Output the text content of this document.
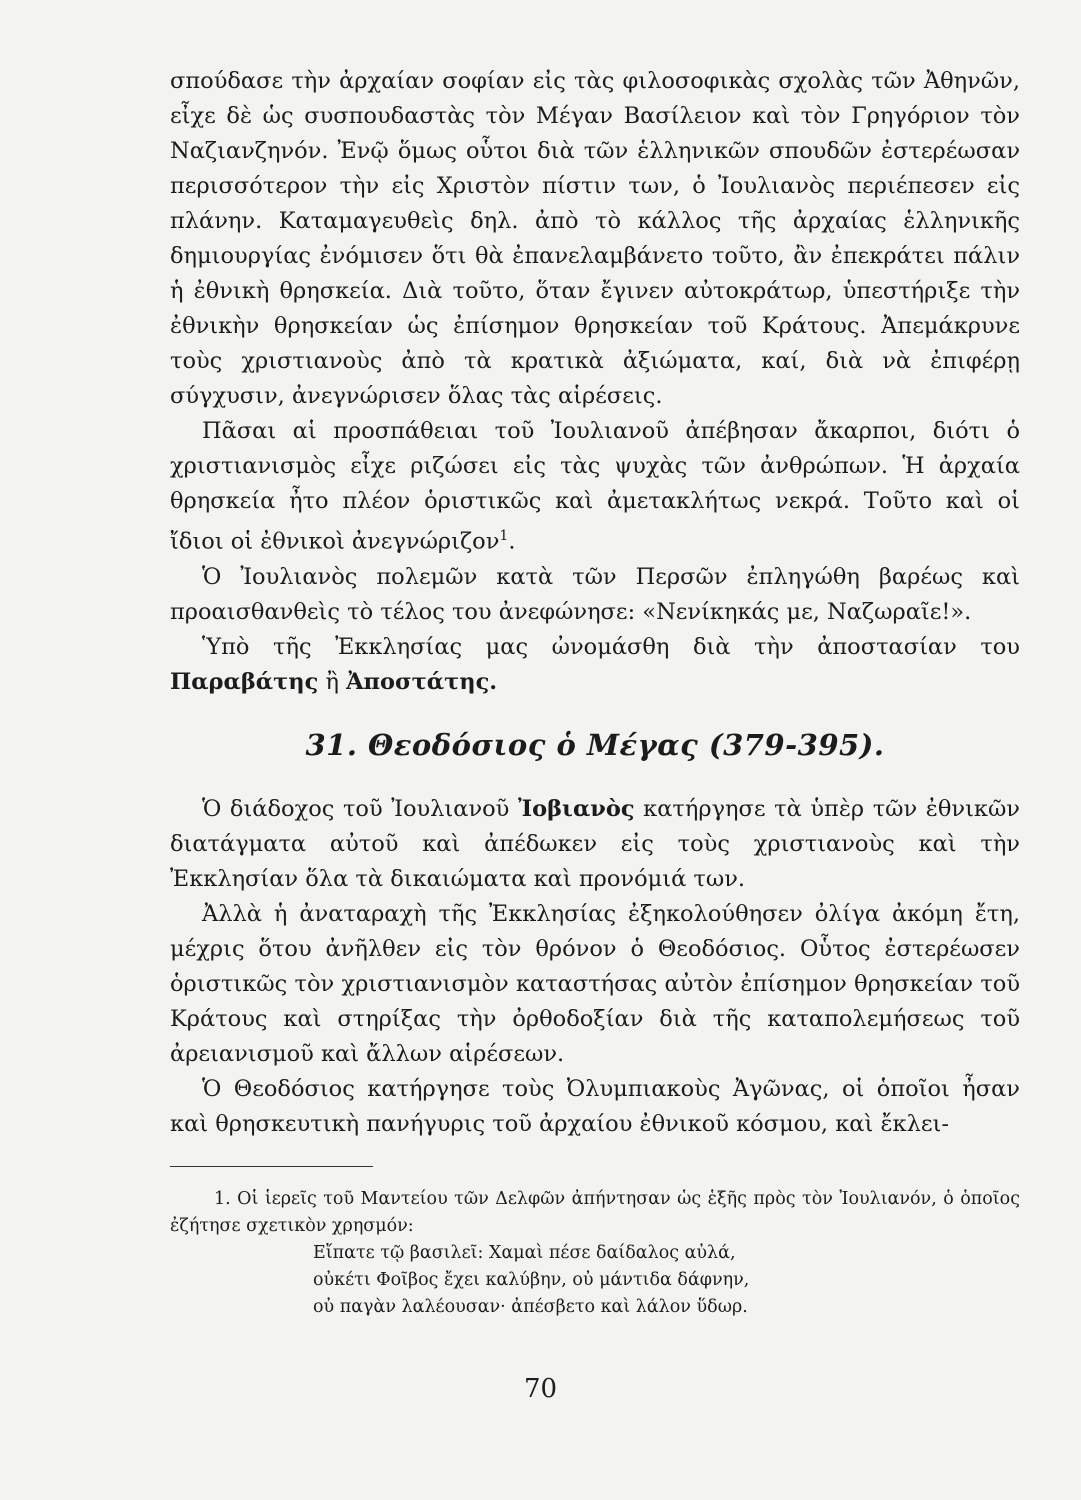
σπούδασε τὴν ἀρχαίαν σοφίαν εἰς τὰς φιλοσοφικὰς σχολὰς τῶν Ἀθηνῶν, εἶχε δὲ ὡς συσπουδαστὰς τὸν Μέγαν Βασίλειον καὶ τὸν Γρηγόριον τὸν Ναζιανζηνόν. Ἐνῷ ὅμως οὗτοι διὰ τῶν ἑλληνικῶν σπουδῶν ἐστερέωσαν περισσότερον τὴν εἰς Χριστὸν πίστιν των, ὁ Ἰουλιανὸς περιέπεσεν εἰς πλάνην. Καταμαγευθεὶς δηλ. ἀπὸ τὸ κάλλος τῆς ἀρχαίας ἑλληνικῆς δημιουργίας ἐνόμισεν ὅτι θὰ ἐπανελαμβάνετο τοῦτο, ἂν ἐπεκράτει πάλιν ἡ ἐθνικὴ θρησκεία. Διὰ τοῦτο, ὅταν ἔγινεν αὐτοκράτωρ, ὑπεστήριξε τὴν ἐθνικὴν θρησκείαν ὡς ἐπίσημον θρησκείαν τοῦ Κράτους. Ἀπεμάκρυνε τοὺς χριστιανοὺς ἀπὸ τὰ κρατικὰ ἀξιώματα, καί, διὰ νὰ ἐπιφέρῃ σύγχυσιν, ἀνεγνώρισεν ὅλας τὰς αἱρέσεις.

Πᾶσαι αἱ προσπάθειαι τοῦ Ἰουλιανοῦ ἀπέβησαν ἄκαρποι, διότι ὁ χριστιανισμὸς εἶχε ριζώσει εἰς τὰς ψυχὰς τῶν ἀνθρώπων. Ἡ ἀρχαία θρησκεία ἦτο πλέον ὁριστικῶς καὶ ἀμετακλήτως νεκρά. Τοῦτο καὶ οἱ ἴδιοι οἱ ἐθνικοὶ ἀνεγνώριζον$^1$.

Ὁ Ἰουλιανὸς πολεμῶν κατὰ τῶν Περσῶν ἐπληγώθη βαρέως καὶ προαισθανθεὶς τὸ τέλος του ἀνεφώνησε: «Νενίκηκάς με, Ναζωραῖε!».

Ὑπὸ τῆς Ἐκκλησίας μας ὠνομάσθη διὰ τὴν ἀποστασίαν του Παραβάτης ἢ Ἀποστάτης.

31. Θεοδόσιος ὁ Μέγας (379-395).

Ὁ διάδοχος τοῦ Ἰουλιανοῦ Ἰοβιανὸς κατήργησε τὰ ὑπὲρ τῶν ἐθνικῶν διατάγματα αὐτοῦ καὶ ἀπέδωκεν εἰς τοὺς χριστιανοὺς καὶ τὴν Ἐκκλησίαν ὅλα τὰ δικαιώματα καὶ προνόμιά των.

Ἀλλὰ ἡ ἀναταραχὴ τῆς Ἐκκλησίας ἐξηκολούθησεν ὀλίγα ἀκόμη ἔτη, μέχρις ὅτου ἀνῆλθεν εἰς τὸν θρόνον ὁ Θεοδόσιος. Οὗτος ἐστερέωσεν ὁριστικῶς τὸν χριστιανισμὸν καταστήσας αὐτὸν ἐπίσημον θρησκείαν τοῦ Κράτους καὶ στηρίξας τὴν ὀρθοδοξίαν διὰ τῆς καταπολεμήσεως τοῦ ἀρειανισμοῦ καὶ ἄλλων αἱρέσεων.

Ὁ Θεοδόσιος κατήργησε τοὺς Ὀλυμπιακοὺς Ἀγῶνας, οἱ ὁποῖοι ἦσαν καὶ θρησκευτικὴ πανήγυρις τοῦ ἀρχαίου ἐθνικοῦ κόσμου, καὶ ἔκλει-

1. Οἱ ἱερεῖς τοῦ Μαντείου τῶν Δελφῶν ἀπήντησαν ὡς ἑξῆς πρὸς τὸν Ἰουλιανόν, ὁ ὁποῖος ἐζήτησε σχετικὸν χρησμόν:

Εἴπατε τῷ βασιλεῖ: Χαμαὶ πέσε δαίδαλος αὐλά,
οὐκέτι Φοῖβος ἔχει καλύβην, οὐ μάντιδα δάφνην,
οὐ παγὰν λαλέουσαν· ἀπέσβετο καὶ λάλον ὕδωρ.
70
